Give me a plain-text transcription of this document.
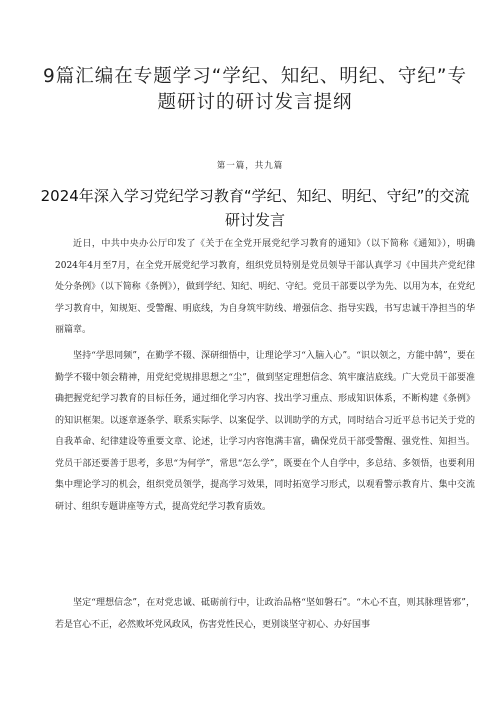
9篇汇编在专题学习“学纪、知纪、明纪、守纪”专题研讨的研讨发言提纲
第一篇，共九篇
2024年深入学习党纪学习教育“学纪、知纪、明纪、守纪”的交流研讨发言

近日，中共中央办公厅印发了《关于在全党开展党纪学习教育的通知》（以下简称《通知》），明确2024年4月至7月，在全党开展党纪学习教育，组织党员特别是党员领导干部认真学习《中国共产党纪律处分条例》（以下简称《条例》），做到学纪、知纪、明纪、守纪。党员干部要以学为先、以用为本，在党纪学习教育中，知规矩、受警醒、明底线，为自身筑牢防线、增强信念、指导实践，书写忠诚干净担当的华丽篇章。

坚持“学思同频”，在勤学不辍、深研细悟中，让理论学习“入脑入心”。“识以领之，方能中鹄”，要在勤学不辍中领会精神，用党纪党规排思想之“尘”，做到坚定理想信念、筑牢廉洁底线。广大党员干部要准确把握党纪学习教育的目标任务，通过细化学习内容、找出学习重点、形成知识体系，不断构建《条例》的知识框架。以逐章逐条学、联系实际学、以案促学、以训助学的方式，同时结合习近平总书记关于党的自我革命、纪律建设等重要文章、论述，让学习内容饱满丰富，确保党员干部受警醒、强党性、知担当。党员干部还要善于思考，多思“为何学”，常思“怎么学”，既要在个人自学中，多总结、多领悟，也要利用集中理论学习的机会，组织党员领学，提高学习效果，同时拓宽学习形式，以观看警示教育片、集中交流研讨、组织专题讲座等方式，提高党纪学习教育质效。

坚定“理想信念”，在对党忠诚、砥砺前行中，让政治品格“坚如磐石”。“木心不直，则其脉理皆邪”，若是官心不正，必然败坏党风政风，伤害党性民心，更别谈坚守初心、办好国事
